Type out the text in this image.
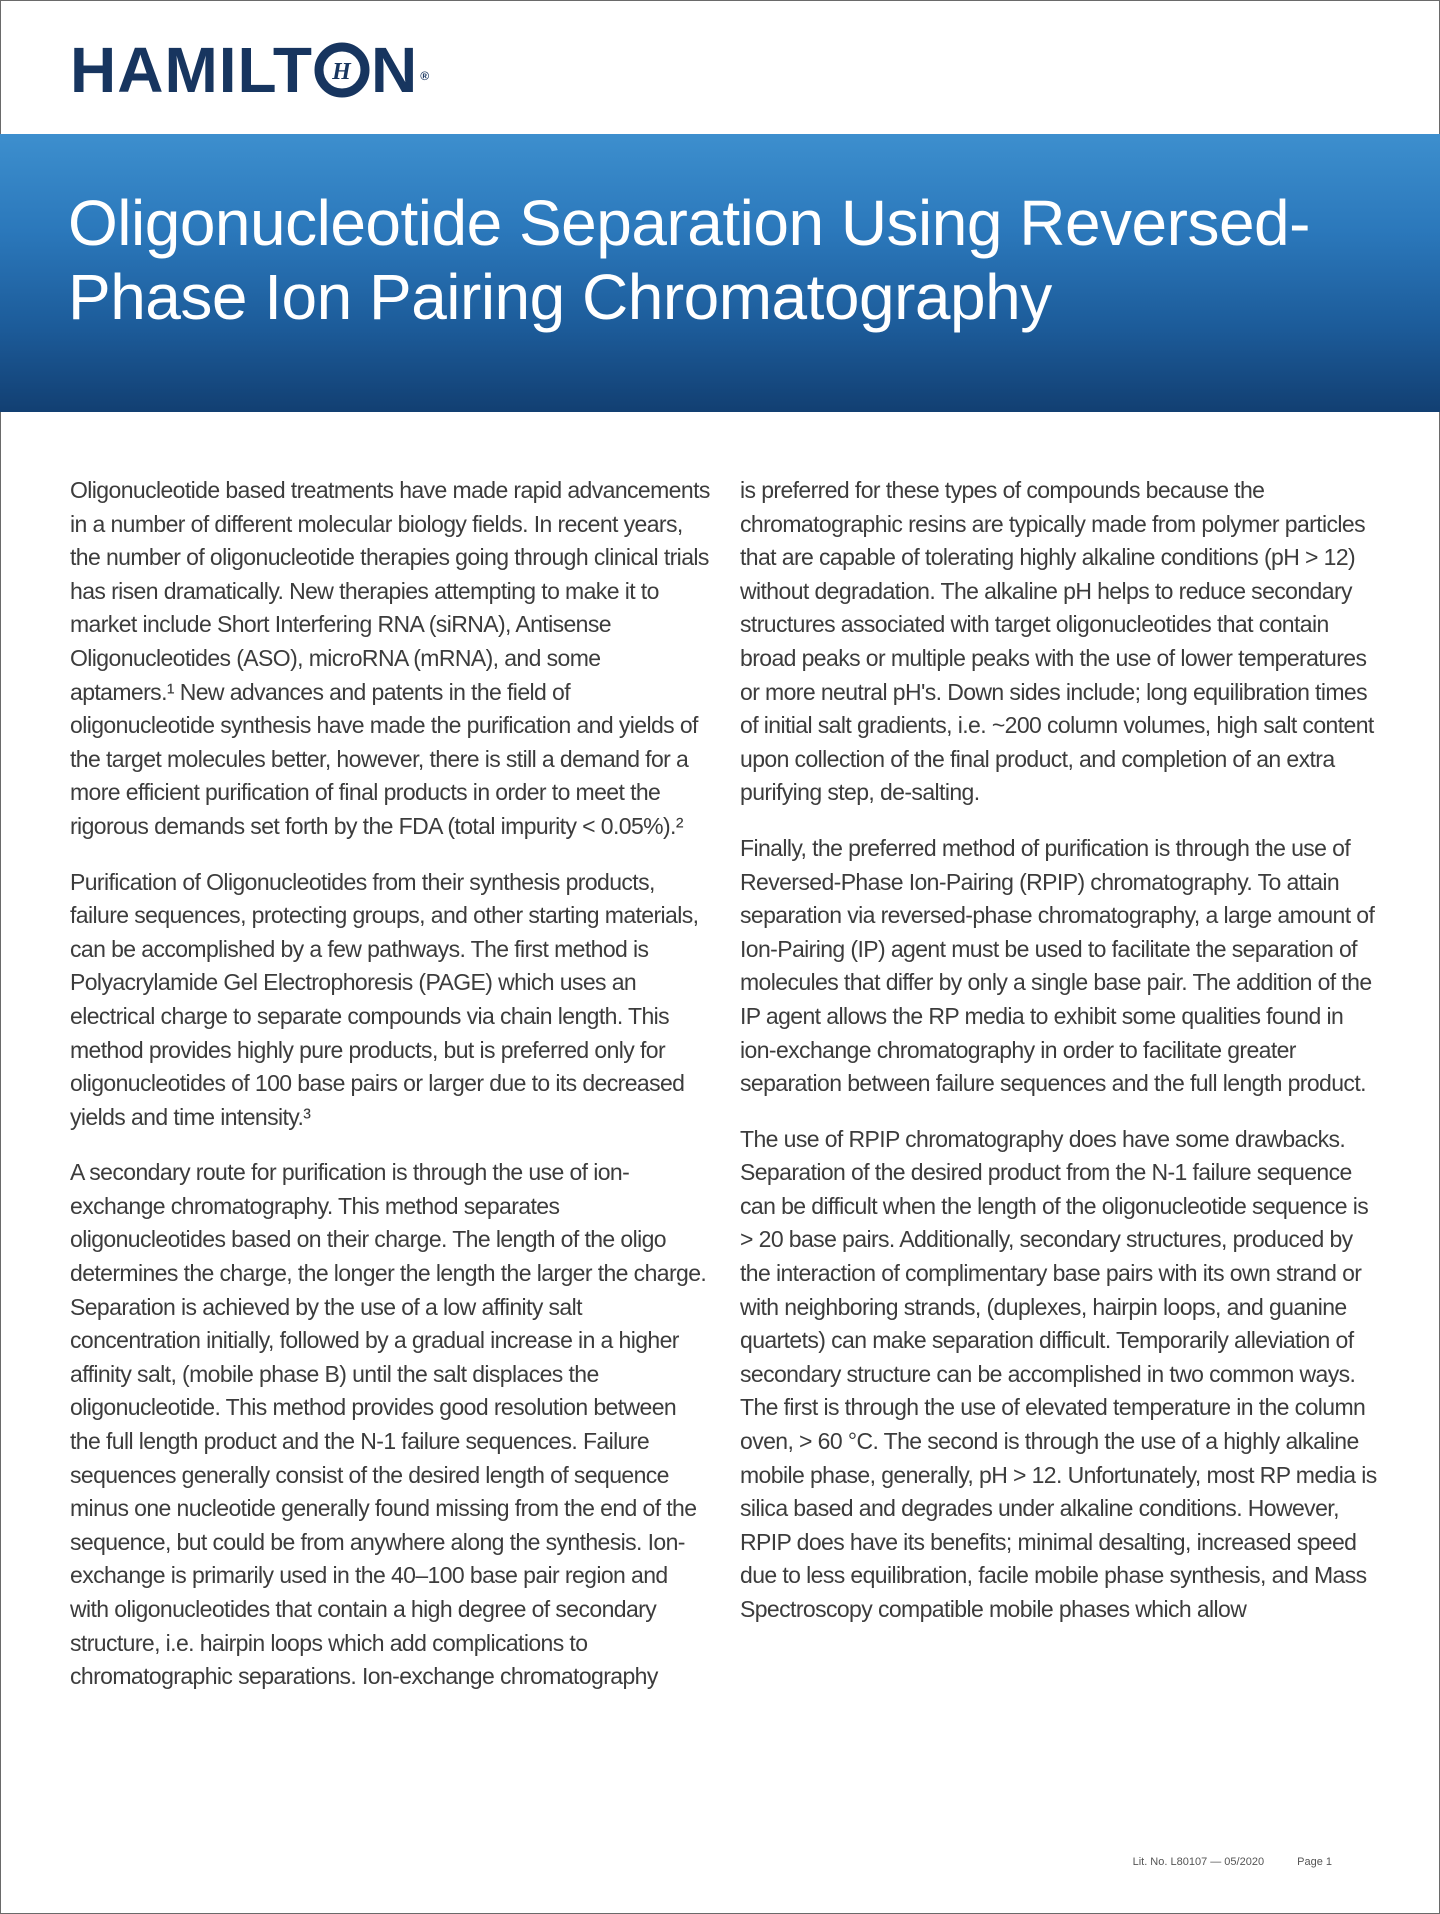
HAMILT H N ®
Oligonucleotide Separation Using Reversed-Phase Ion Pairing Chromatography

Oligonucleotide based treatments have made rapid advancements in a number of different molecular biology fields. In recent years, the number of oligonucleotide therapies going through clinical trials has risen dramatically. New therapies attempting to make it to market include Short Interfering RNA (siRNA), Antisense Oligonucleotides (ASO), microRNA (mRNA), and some aptamers.¹ New advances and patents in the field of oligonucleotide synthesis have made the purification and yields of the target molecules better, however, there is still a demand for a more efficient purification of final products in order to meet the rigorous demands set forth by the FDA (total impurity < 0.05%).²

Purification of Oligonucleotides from their synthesis products, failure sequences, protecting groups, and other starting materials, can be accomplished by a few pathways. The first method is Polyacrylamide Gel Electrophoresis (PAGE) which uses an electrical charge to separate compounds via chain length. This method provides highly pure products, but is preferred only for oligonucleotides of 100 base pairs or larger due to its decreased yields and time intensity.³

A secondary route for purification is through the use of ion-exchange chromatography. This method separates oligonucleotides based on their charge. The length of the oligo determines the charge, the longer the length the larger the charge. Separation is achieved by the use of a low affinity salt concentration initially, followed by a gradual increase in a higher affinity salt, (mobile phase B) until the salt displaces the oligonucleotide. This method provides good resolution between the full length product and the N-1 failure sequences. Failure sequences generally consist of the desired length of sequence minus one nucleotide generally found missing from the end of the sequence, but could be from anywhere along the synthesis. Ion-exchange is primarily used in the 40–100 base pair region and with oligonucleotides that contain a high degree of secondary structure, i.e. hairpin loops which add complications to chromatographic separations. Ion-exchange chromatography

is preferred for these types of compounds because the chromatographic resins are typically made from polymer particles that are capable of tolerating highly alkaline conditions (pH > 12) without degradation. The alkaline pH helps to reduce secondary structures associated with target oligonucleotides that contain broad peaks or multiple peaks with the use of lower temperatures or more neutral pH's. Down sides include; long equilibration times of initial salt gradients, i.e. ~200 column volumes, high salt content upon collection of the final product, and completion of an extra purifying step, de-salting.

Finally, the preferred method of purification is through the use of Reversed-Phase Ion-Pairing (RPIP) chromatography. To attain separation via reversed-phase chromatography, a large amount of Ion-Pairing (IP) agent must be used to facilitate the separation of molecules that differ by only a single base pair. The addition of the IP agent allows the RP media to exhibit some qualities found in ion-exchange chromatography in order to facilitate greater separation between failure sequences and the full length product.

The use of RPIP chromatography does have some drawbacks. Separation of the desired product from the N-1 failure sequence can be difficult when the length of the oligonucleotide sequence is > 20 base pairs. Additionally, secondary structures, produced by the interaction of complimentary base pairs with its own strand or with neighboring strands, (duplexes, hairpin loops, and guanine quartets) can make separation difficult. Temporarily alleviation of secondary structure can be accomplished in two common ways. The first is through the use of elevated temperature in the column oven, > 60 °C. The second is through the use of a highly alkaline mobile phase, generally, pH > 12. Unfortunately, most RP media is silica based and degrades under alkaline conditions. However, RPIP does have its benefits; minimal desalting, increased speed due to less equilibration, facile mobile phase synthesis, and Mass Spectroscopy compatible mobile phases which allow

Lit. No. L80107 — 05/2020	Page 1
